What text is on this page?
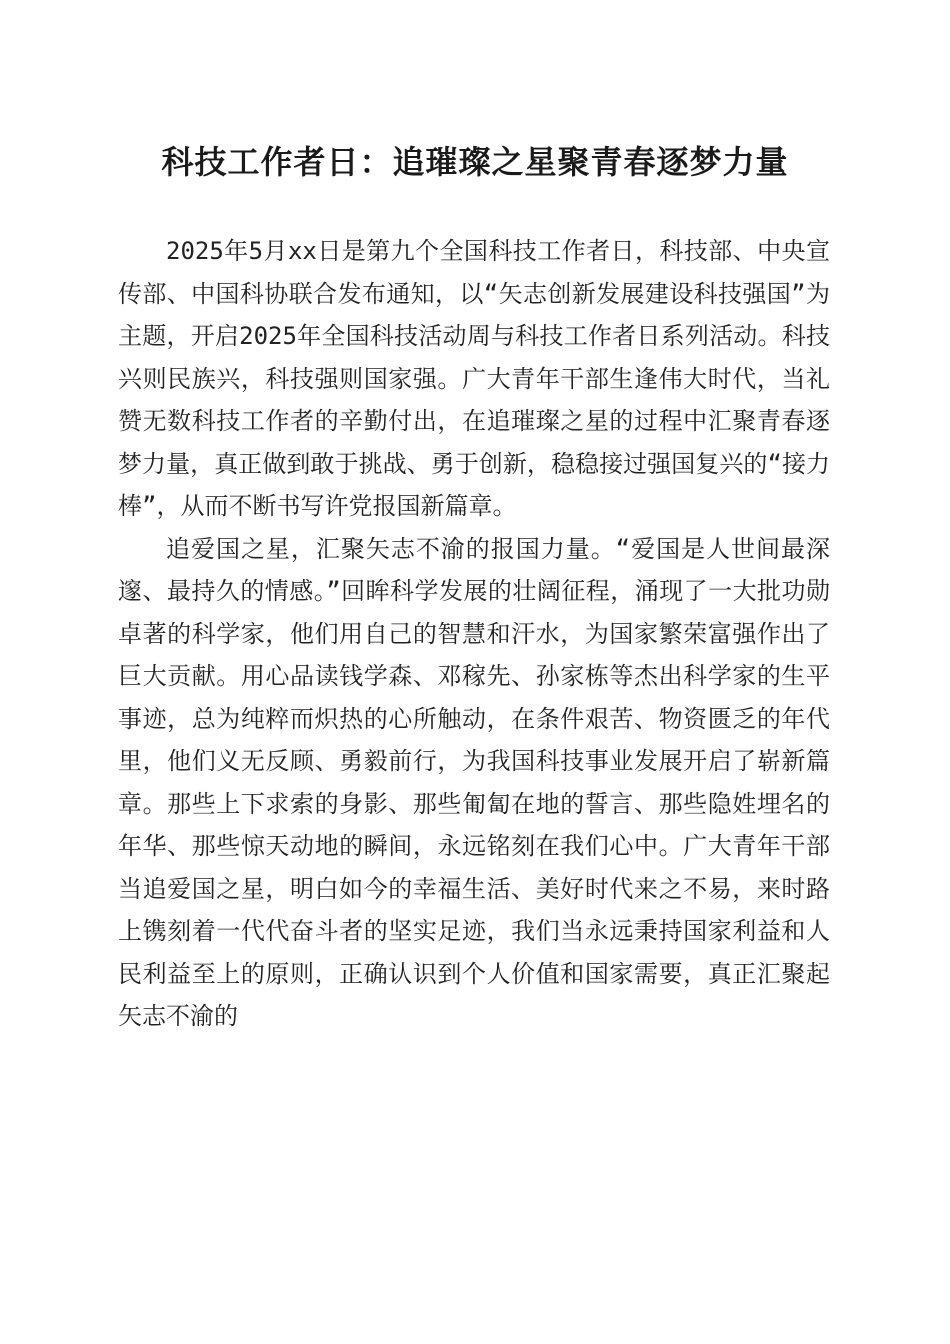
科技工作者日：追璀璨之星聚青春逐梦力量

2025年5月xx日是第九个全国科技工作者日，科技部、中央宣传部、中国科协联合发布通知，以“矢志创新发展建设科技强国”为主题，开启2025年全国科技活动周与科技工作者日系列活动。科技兴则民族兴，科技强则国家强。广大青年干部生逢伟大时代，当礼赞无数科技工作者的辛勤付出，在追璀璨之星的过程中汇聚青春逐梦力量，真正做到敢于挑战、勇于创新，稳稳接过强国复兴的“接力棒”，从而不断书写许党报国新篇章。

追爱国之星，汇聚矢志不渝的报国力量。“爱国是人世间最深邃、最持久的情感。”回眸科学发展的壮阔征程，涌现了一大批功勋卓著的科学家，他们用自己的智慧和汗水，为国家繁荣富强作出了巨大贡献。用心品读钱学森、邓稼先、孙家栋等杰出科学家的生平事迹，总为纯粹而炽热的心所触动，在条件艰苦、物资匮乏的年代里，他们义无反顾、勇毅前行，为我国科技事业发展开启了崭新篇章。那些上下求索的身影、那些匍匐在地的誓言、那些隐姓埋名的年华、那些惊天动地的瞬间，永远铭刻在我们心中。广大青年干部当追爱国之星，明白如今的幸福生活、美好时代来之不易，来时路上镌刻着一代代奋斗者的坚实足迹，我们当永远秉持国家利益和人民利益至上的原则，正确认识到个人价值和国家需要，真正汇聚起矢志不渝的
